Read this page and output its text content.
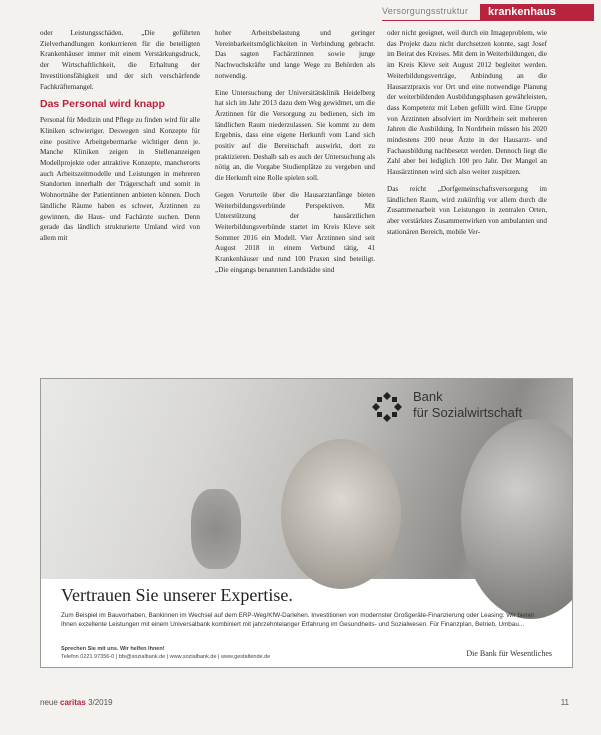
Versorgungsstruktur	krankenhaus

oder Leistungsschäden. „Die geführten Zielverhandlungen konkurrieren für die beteiligten Krankenhäuser immer mit einem Verstärkungsdruck, der Wirtschaftlichkeit, die Erhaltung der Investitionsfähigkeit und der sich verschärfende Fachkräftemangel.

Das Personal wird knapp

Personal für Medizin und Pflege zu finden wird für alle Kliniken schwieriger. Deswegen sind Konzepte für eine positive Arbeitgebermarke wichtiger denn je. Manche Kliniken zeigen in Stellenanzeigen Modellprojekte oder attraktive Konzepte, mancherorts auch Arbeitszeitmodelle und Leistungen in mehreren Standorten innerhalb der Trägerschaft und somit in Wohnortnähe der Patientinnen anbieten können. Doch ländliche Räume haben es schwer, Ärztinnen zu gewinnen, die Haus- und Fachärzte suchen. Denn gerade das ländlich strukturierte Umland wird von allem mit

hoher Arbeitsbelastung und geringer Vereinbarkeitsmöglichkeiten in Verbindung gebracht. Das sagten Fachärztinnen sowie junge Nachwuchskräfte und lange Wege zu Behörden als notwendig.

Eine Untersuchung der Universitätsklinik Heidelberg hat sich im Jahr 2013 dazu dem Weg gewidmet, um die Ärztinnen für die Versorgung zu bedienen, sich im ländlichen Raum niederzulassen. Sie kommt zu dem Ergebnis, dass eine eigene Herkunft vom Land sich positiv auf die Bereitschaft auswirkt, dort zu praktizieren. Deshalb sah es auch der Untersuchung als nötig an, die Vorgabe Studienplätze zu vergeben und die Herkunft eine Rolle spielen soll.

Gegen Vorurteile über die Hausarztanfänge bieten Weiterbildungsverbünde Perspektiven. Mit Unterstützung der hausärztlichen Weiterbildungsverbünde startet im Kreis Kleve seit Sommer 2016 ein Modell. Vier Ärztinnen sind seit August 2018 in einem Verbund tätig, 41 Krankenhäuser und rund 100 Praxen sind beteiligt. „Die eingangs benannten Landstädte sind

oder nicht geeignet, weil durch ein Imageproblem, wie das Projekt dazu nicht durchsetzen konnte, sagt Josef im Beirat des Kreises. Mit dem in Weiterbildungen, die im Kreis Kleve seit August 2012 begleitet werden. Weiterbildungsverträge, Anbindung an die Hausarztpraxis vor Ort und eine notwendige Planung der weiterbildenden Ausbildungsphasen gewährleisten, dass Kompetenz mit Leben gefüllt wird. Eine Gruppe von Ärztinnen absolviert im Nordrhein seit mehreren Jahren die Ausbildung. In Nordrhein müssen bis 2020 mindestens 200 neue Ärzte in der Hausarzt- und Fachausbildung nachbesetzt werden. Dennoch liegt die Zahl aber bei lediglich 100 pro Jahr. Der Mangel an Hausärztinnen wird sich also weiter zuspitzen.

Das reicht „Dorfgemeinschaftsversorgung im ländlichen Raum, wird zukünftig vor allem durch die Zusammenarbeit von Leistungen in zentralen Orten, aber verstärktes Zusammenwirken von ambulanten und stationären Bereich, mobile Ver-

Bank
für Sozialwirtschaft
Vertrauen Sie unserer Expertise.
Zum Beispiel im Bauvorhaben, Bankinnen im Wechsel auf dem ERP-Weg/KfW-Darlehen. Investitionen von modernster Großgeräte-Finanzierung oder Leasing: Wir bieten Ihnen exzellente Leistungen mit einem Universalbank kombiniert mit jahrzehntelanger Erfahrung im Gesundheits- und Sozialwesen. Für Finanzplan, Betrieb, Umbau...
Sprechen Sie mit uns. Wir helfen Ihnen!
Telefon 0221 97356-0 | bfs@sozialbank.de | www.sozialbank.de | www.gestaltende.de	Die Bank für Wesentliches
neue caritas 3/2019	11
